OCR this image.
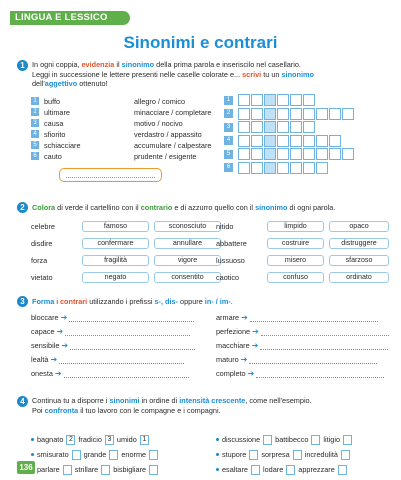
LINGUA E LESSICO
Sinonimi e contrari
1 In ogni coppia, evidenzia il sinonimo della prima parola e inseriscilo nel casellario.
Leggi in successione le lettere presenti nelle caselle colorate e... scrivi tu un sinonimo
dell'aggettivo ottenuto!
1	buffo	allegro / comico
2	ultimare	minacciare / completare
3	causa	motivo / nocivo
4	sfiorito	verdastro / appassito
5	schiacciare	accumulare / calpestare
6	cauto	prudente / esigente
1
2
3
4
5
6
2 Colora di verde il cartellino con il contrario e di azzurro quello con il sinonimo di ogni parola.
celebre	famoso	sconosciuto
disdire	confermare	annullare
forza	fragilità	vigore
vietato	negato	consentito
nitido	limpido	opaco
abbattere	costruire	distruggere
lussuoso	misero	sfarzoso
caotico	confuso	ordinato
3 Forma i contrari utilizzando i prefissi s-, dis- oppure in- / im-.
bloccare ➔
capace ➔
sensibile ➔
lealtà ➔
onesta ➔
armare ➔
perfezione ➔
macchiare ➔
maturo ➔
completo ➔
4 Continua tu a disporre i sinonimi in ordine di intensità crescente, come nell'esempio.
Poi confronta il tuo lavoro con le compagne e i compagni.
bagnato 2 fradicio 3 umido 1
smisurato grande enorme
parlare strillare bisbigliare
discussione battibecco litigio
stupore sorpresa incredulità
esaltare lodare apprezzare
136
